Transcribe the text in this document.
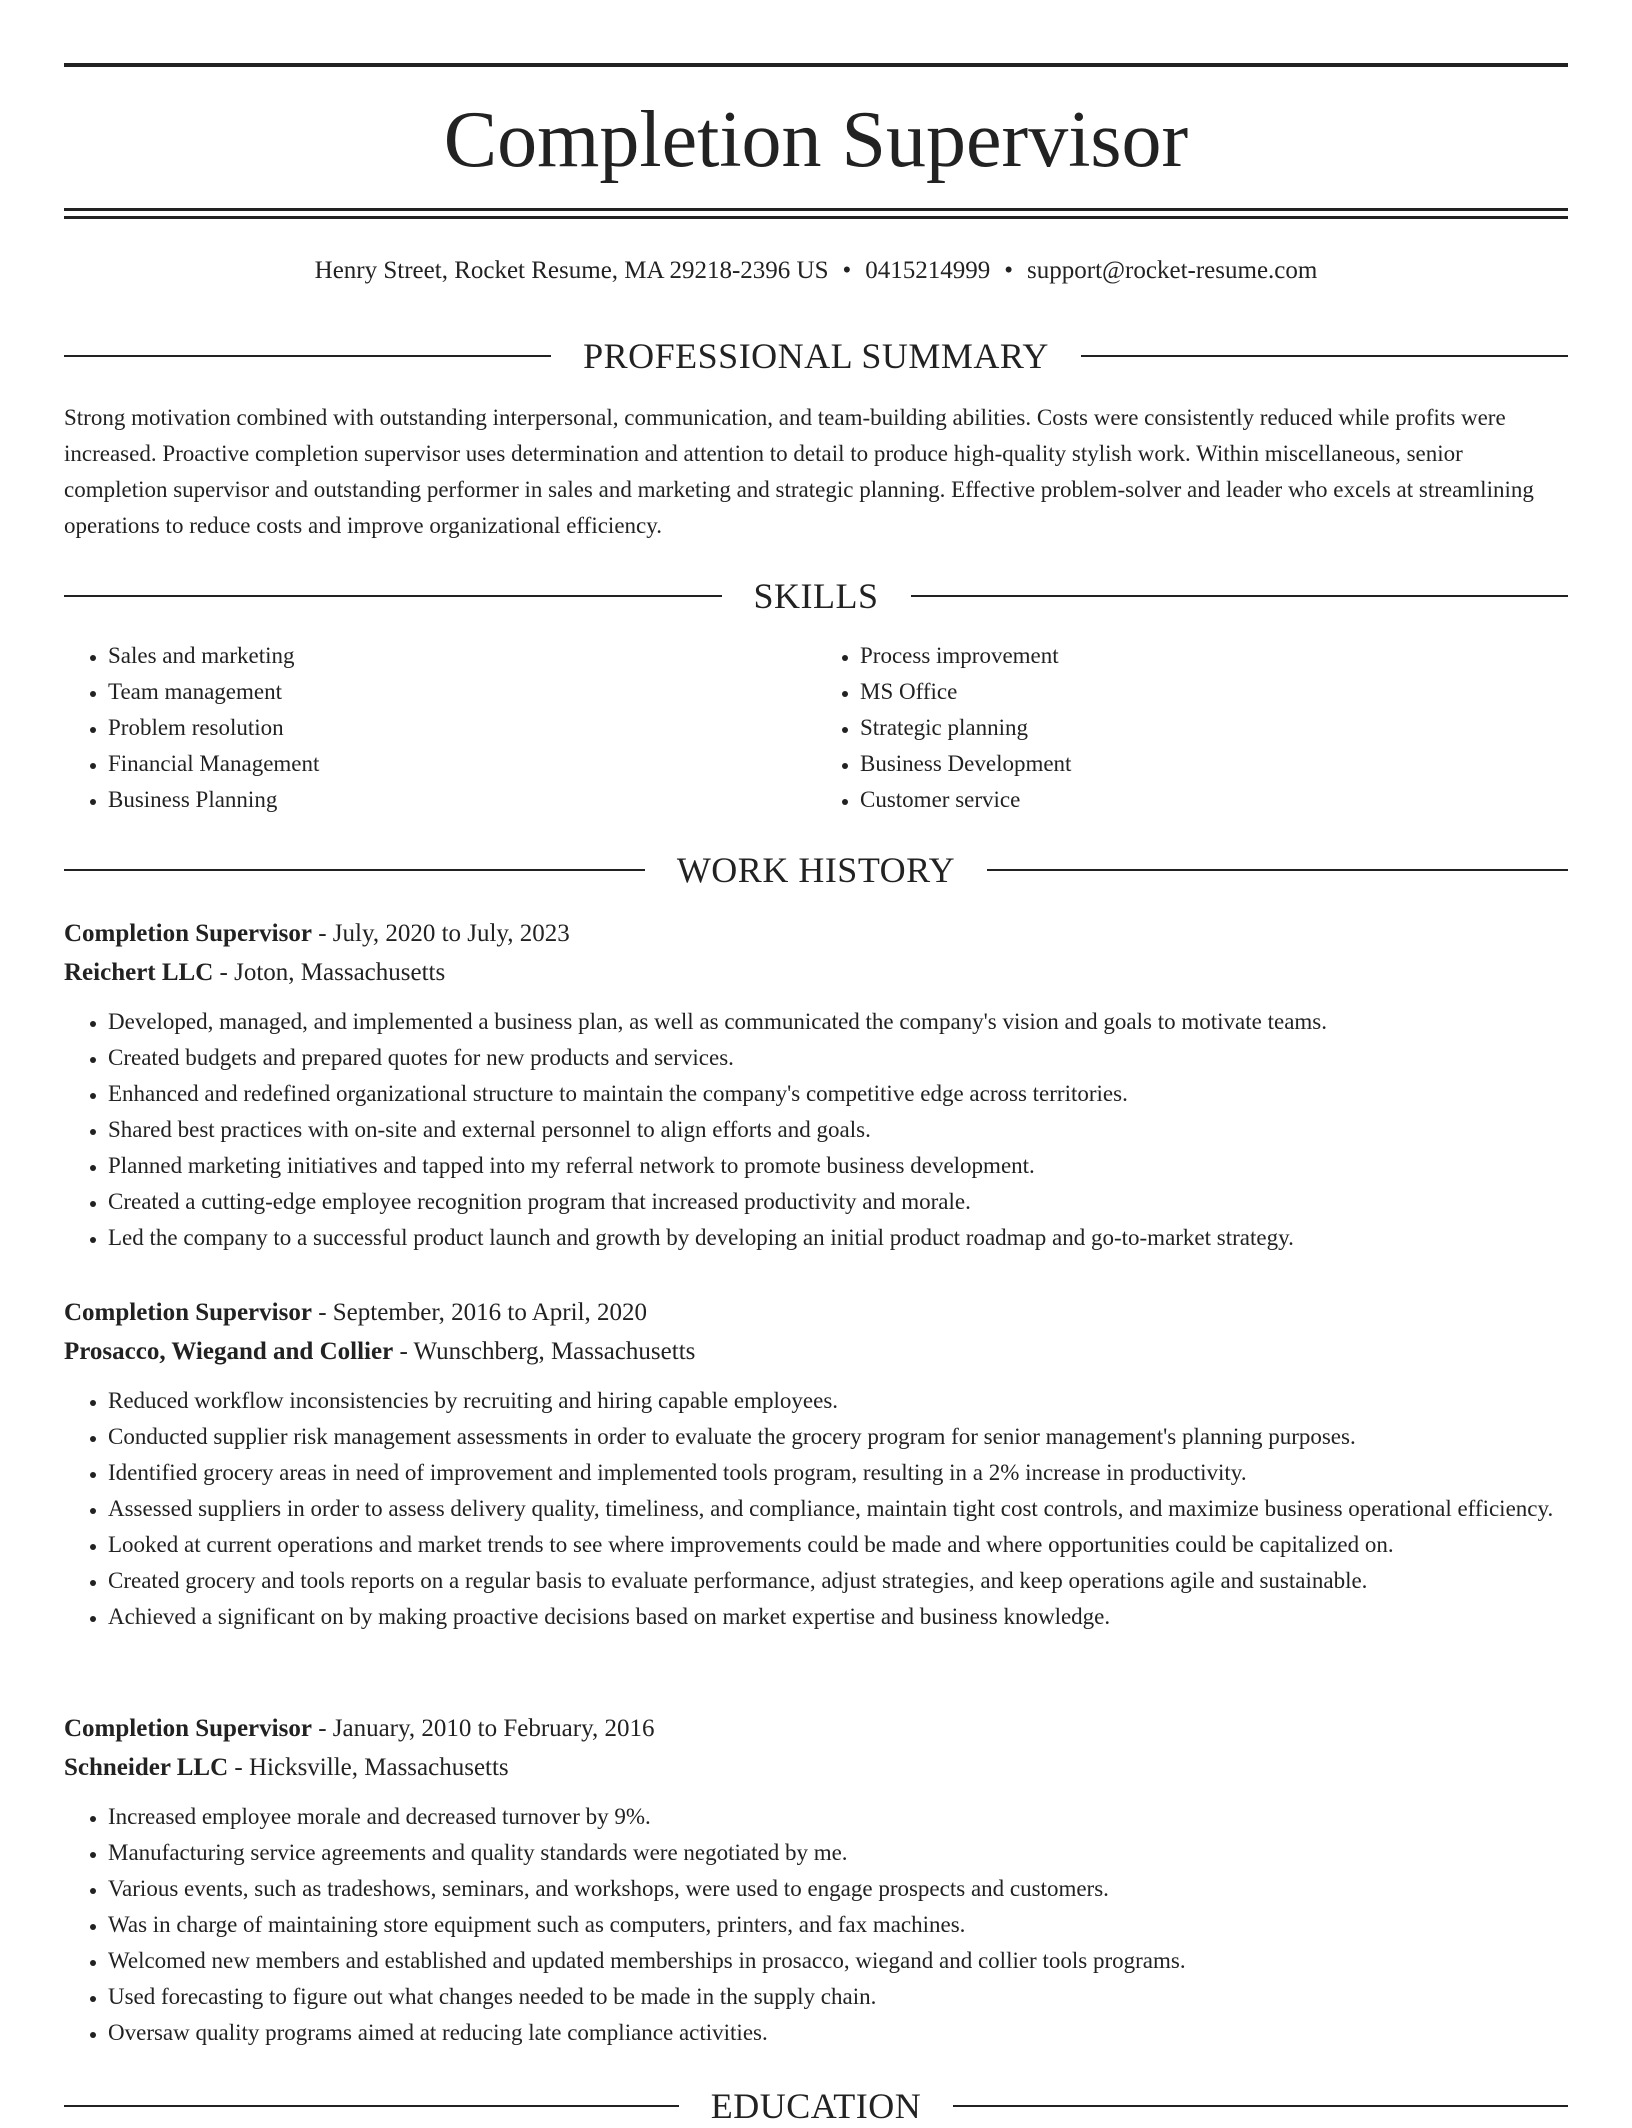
Completion Supervisor
Henry Street, Rocket Resume, MA 29218-2396 US • 0415214999 • support@rocket-resume.com
PROFESSIONAL SUMMARY

Strong motivation combined with outstanding interpersonal, communication, and team-building abilities. Costs were consistently reduced while profits were increased. Proactive completion supervisor uses determination and attention to detail to produce high-quality stylish work. Within miscellaneous, senior completion supervisor and outstanding performer in sales and marketing and strategic planning. Effective problem-solver and leader who excels at streamlining operations to reduce costs and improve organizational efficiency.

SKILLS
• Sales and marketing
• Team management
• Problem resolution
• Financial Management
• Business Planning
• Process improvement
• MS Office
• Strategic planning
• Business Development
• Customer service
WORK HISTORY

Completion Supervisor - July, 2020 to July, 2023

Reichert LLC - Joton, Massachusetts

• Developed, managed, and implemented a business plan, as well as communicated the company's vision and goals to motivate teams.
• Created budgets and prepared quotes for new products and services.
• Enhanced and redefined organizational structure to maintain the company's competitive edge across territories.
• Shared best practices with on-site and external personnel to align efforts and goals.
• Planned marketing initiatives and tapped into my referral network to promote business development.
• Created a cutting-edge employee recognition program that increased productivity and morale.
• Led the company to a successful product launch and growth by developing an initial product roadmap and go-to-market strategy.

Completion Supervisor - September, 2016 to April, 2020

Prosacco, Wiegand and Collier - Wunschberg, Massachusetts

• Reduced workflow inconsistencies by recruiting and hiring capable employees.
• Conducted supplier risk management assessments in order to evaluate the grocery program for senior management's planning purposes.
• Identified grocery areas in need of improvement and implemented tools program, resulting in a 2% increase in productivity.
• Assessed suppliers in order to assess delivery quality, timeliness, and compliance, maintain tight cost controls, and maximize business operational efficiency.
• Looked at current operations and market trends to see where improvements could be made and where opportunities could be capitalized on.
• Created grocery and tools reports on a regular basis to evaluate performance, adjust strategies, and keep operations agile and sustainable.
• Achieved a significant on by making proactive decisions based on market expertise and business knowledge.

Completion Supervisor - January, 2010 to February, 2016

Schneider LLC - Hicksville, Massachusetts

• Increased employee morale and decreased turnover by 9%.
• Manufacturing service agreements and quality standards were negotiated by me.
• Various events, such as tradeshows, seminars, and workshops, were used to engage prospects and customers.
• Was in charge of maintaining store equipment such as computers, printers, and fax machines.
• Welcomed new members and established and updated memberships in prosacco, wiegand and collier tools programs.
• Used forecasting to figure out what changes needed to be made in the supply chain.
• Oversaw quality programs aimed at reducing late compliance activities.
EDUCATION
